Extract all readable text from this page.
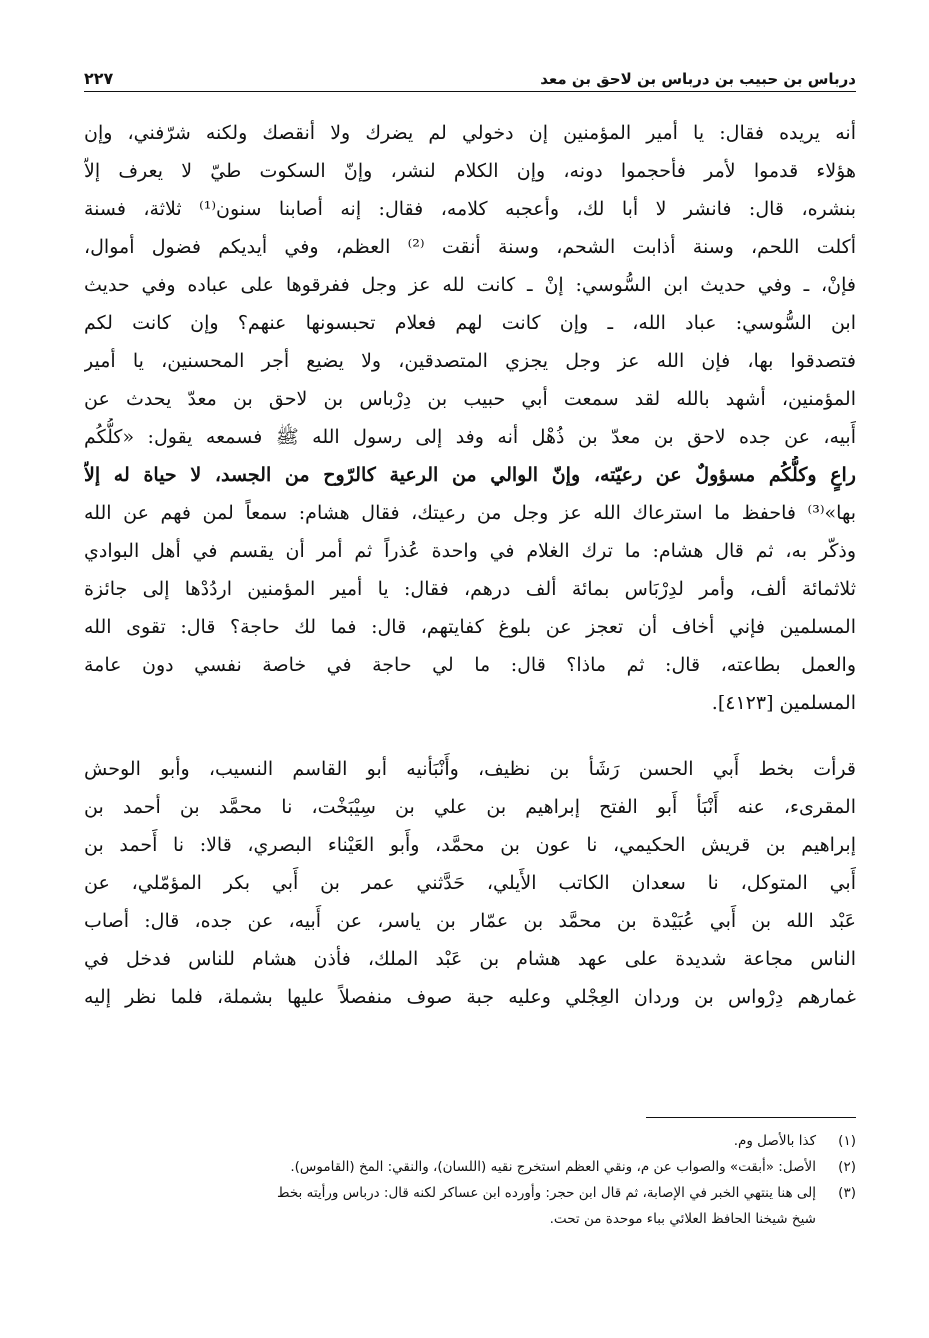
درباس بن حبيب بن درباس بن لاحق بن معد
٢٢٧
أنه يريده فقال: يا أمير المؤمنين إن دخولي لم يضرك ولا أنقصك ولكنه شرّفني، وإن
هؤلاء قدموا لأمر فأحجموا دونه، وإن الكلام لنشر، وإنّ السكوت طيّ لا يعرف إلاّ
بنشره، قال: فانشر لا أبا لك، وأعجبه كلامه، فقال: إنه أصابنا سنون⁽¹⁾ ثلاثة، فسنة
أكلت اللحم، وسنة أذابت الشحم، وسنة أنقت ⁽²⁾ العظم، وفي أيديكم فضول أموال،
فإنْ، ـ وفي حديث ابن السُّوسي: إنْ ـ كانت لله عز وجل ففرقوها على عباده وفي حديث
ابن السُّوسي: عباد الله، ـ وإن كانت لهم فعلام تحبسونها عنهم؟ وإن كانت لكم
فتصدقوا بها، فإن الله عز وجل يجزي المتصدقين، ولا يضيع أجر المحسنين، يا أمير
المؤمنين، أشهد بالله لقد سمعت أبي حبيب بن دِرْباس بن لاحق بن معدّ يحدث عن
أَبيه، عن جده لاحق بن معدّ بن ذُهْل أنه وفد إلى رسول الله ﷺ فسمعه يقول: «كلُّكُم
راعٍ وكلُّكُم مسؤولٌ عن رعيّته، وإنّ الوالي من الرعية كالرّوح من الجسد، لا حياة له إلاّ
بها»⁽³⁾ فاحفظ ما استرعاك الله عز وجل من رعيتك، فقال هشام: سمعاً لمن فهم عن الله
وذكّر به، ثم قال هشام: ما ترك الغلام في واحدة عُذراً ثم أمر أن يقسم في أهل البوادي
ثلاثمائة ألف، وأمر لدِرْبَاس بمائة ألف درهم، فقال: يا أمير المؤمنين اردُدْها إلى جائزة
المسلمين فإني أخاف أن تعجز عن بلوغ كفايتهم، قال: فما لك حاجة؟ قال: تقوى الله
والعمل بطاعته، قال: ثم ماذا؟ قال: ما لي حاجة في خاصة نفسي دون عامة
المسلمين [٤١٢٣].
قرأت بخط أَبي الحسن رَشَأ بن نظيف، وأَنْبَأنيه أبو القاسم النسيب، وأبو الوحش
المقرىء، عنه أَنْبَأ أَبو الفتح إبراهيم بن علي بن سِيْبَخْت، نا محمَّد بن أحمد بن
إبراهيم بن قريش الحكيمي، نا عون بن محمَّد، وأَبو العَيْناء البصري، قالا: نا أَحمد بن
أَبي المتوكل، نا سعدان الكاتب الأَيلي، حَدَّثني عمر بن أَبي بكر المؤمّلي، عن
عَبْد الله بن أَبي عُبَيْدة بن محمَّد بن عمّار بن ياسر، عن أَبيه، عن جده، قال: أصاب
الناس مجاعة شديدة على عهد هشام بن عَبْد الملك، فأذن هشام للناس فدخل في
غمارهم دِرْواس بن وردان العِجْلي وعليه جبة صوف منفصلاً عليها بشملة، فلما نظر إليه
(١)
كذا بالأصل وم.
(٢)
الأصل: «أبقت» والصواب عن م، ونقي العظم استخرج نقيه (اللسان)، والنقي: المخ (القاموس).
(٣)
إلى هنا ينتهي الخبر في الإصابة، ثم قال ابن حجر: وأورده ابن عساكر لكنه قال: درباس ورأيته بخط
شيخ شيخنا الحافظ العلائي بباء موحدة من تحت.
